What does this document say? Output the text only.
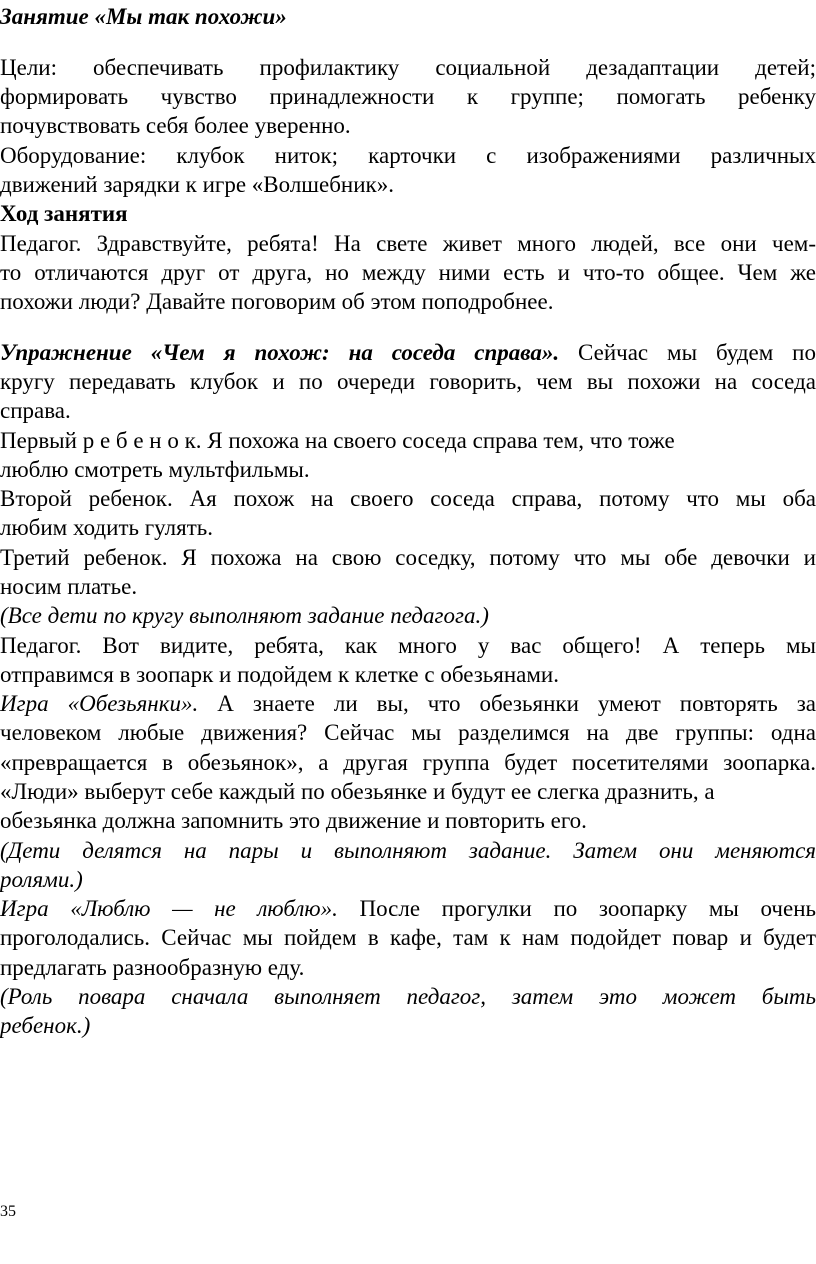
Занятие «Мы так похожи»
Цели: обеспечивать профилактику социальной дезадаптации детей;
формировать чувство принадлежности к группе; помогать ребенку
почувствовать себя более уверенно.
Оборудование: клубок ниток; карточки с изображениями различных
движений зарядки к игре «Волшебник».
Ход занятия
Педагог. Здравствуйте, ребята! На свете живет много людей, все они чем-
то отличаются друг от друга, но между ними есть и что-то общее. Чем же
похожи люди? Давайте поговорим об этом поподробнее.
Упражнение «Чем я похож: на соседа справа». Сейчас мы будем по
кругу передавать клубок и по очереди говорить, чем вы похожи на соседа
справа.
Первый р е б е н о к. Я похожа на своего соседа справа тем, что тоже
люблю смотреть мультфильмы.
Второй ребенок. Ая похож на своего соседа справа, потому что мы оба
любим ходить гулять.
Третий ребенок. Я похожа на свою соседку, потому что мы обе девочки и
носим платье.
(Все дети по кругу выполняют задание педагога.)
Педагог. Вот видите, ребята, как много у вас общего! А теперь мы
отправимся в зоопарк и подойдем к клетке с обезьянами.
Игра «Обезьянки». А знаете ли вы, что обезьянки умеют повторять за
человеком любые движения? Сейчас мы разделимся на две группы: одна
«превращается в обезьянок», а другая группа будет посетителями зоопарка.
«Люди» выберут себе каждый по обезьянке и будут ее слегка дразнить, а
обезьянка должна запомнить это движение и повторить его.
(Дети делятся на пары и выполняют задание. Затем они меняются
ролями.)
Игра «Люблю — не люблю». После прогулки по зоопарку мы очень
проголодались. Сейчас мы пойдем в кафе, там к нам подойдет повар и будет
предлагать разнообразную еду.
(Роль повара сначала выполняет педагог, затем это может быть
ребенок.)
35
